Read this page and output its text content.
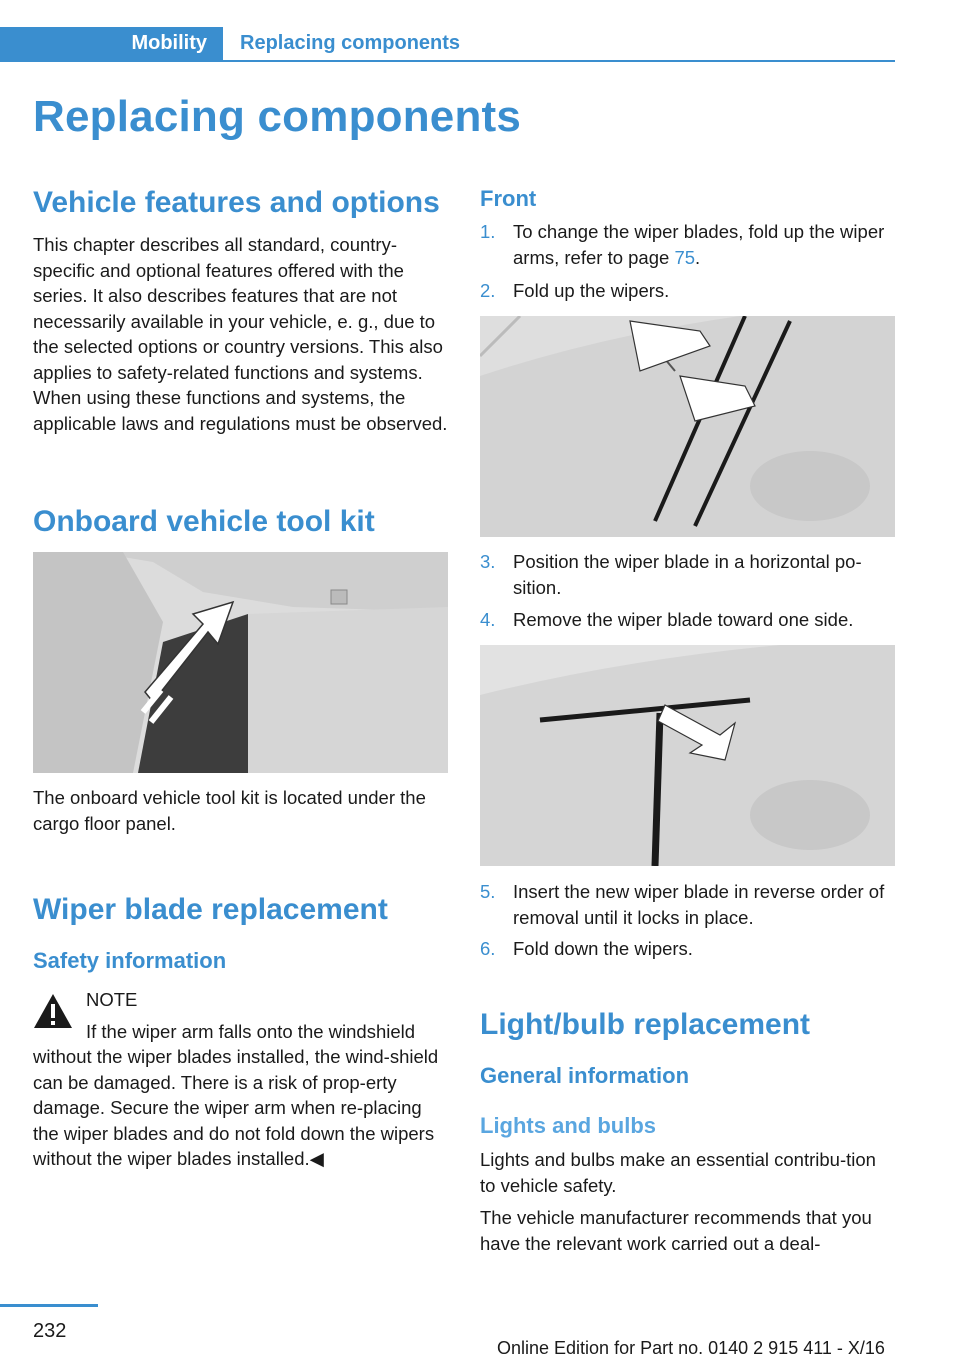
Mobility	Replacing components
Replacing components
Vehicle features and options

This chapter describes all standard, country-specific and optional features offered with the series. It also describes features that are not necessarily available in your vehicle, e. g., due to the selected options or country versions. This also applies to safety-related functions and systems. When using these functions and systems, the applicable laws and regulations must be observed.

Onboard vehicle tool kit

The onboard vehicle tool kit is located under the cargo floor panel.

Wiper blade replacement
Safety information
NOTE
If the wiper arm falls onto the windshield

without the wiper blades installed, the wind-shield can be damaged. There is a risk of prop-erty damage. Secure the wiper arm when re-placing the wiper blades and do not fold down the wipers without the wiper blades installed.◀

Front
1. To change the wiper blades, fold up the wiper arms, refer to page 75.
2. Fold up the wipers.
3. Position the wiper blade in a horizontal po-sition.
4. Remove the wiper blade toward one side.
5. Insert the new wiper blade in reverse order of removal until it locks in place.
6. Fold down the wipers.
Light/bulb replacement
General information
Lights and bulbs

Lights and bulbs make an essential contribu-tion to vehicle safety.

The vehicle manufacturer recommends that you have the relevant work carried out a deal-

232
Online Edition for Part no. 0140 2 915 411 - X/16
